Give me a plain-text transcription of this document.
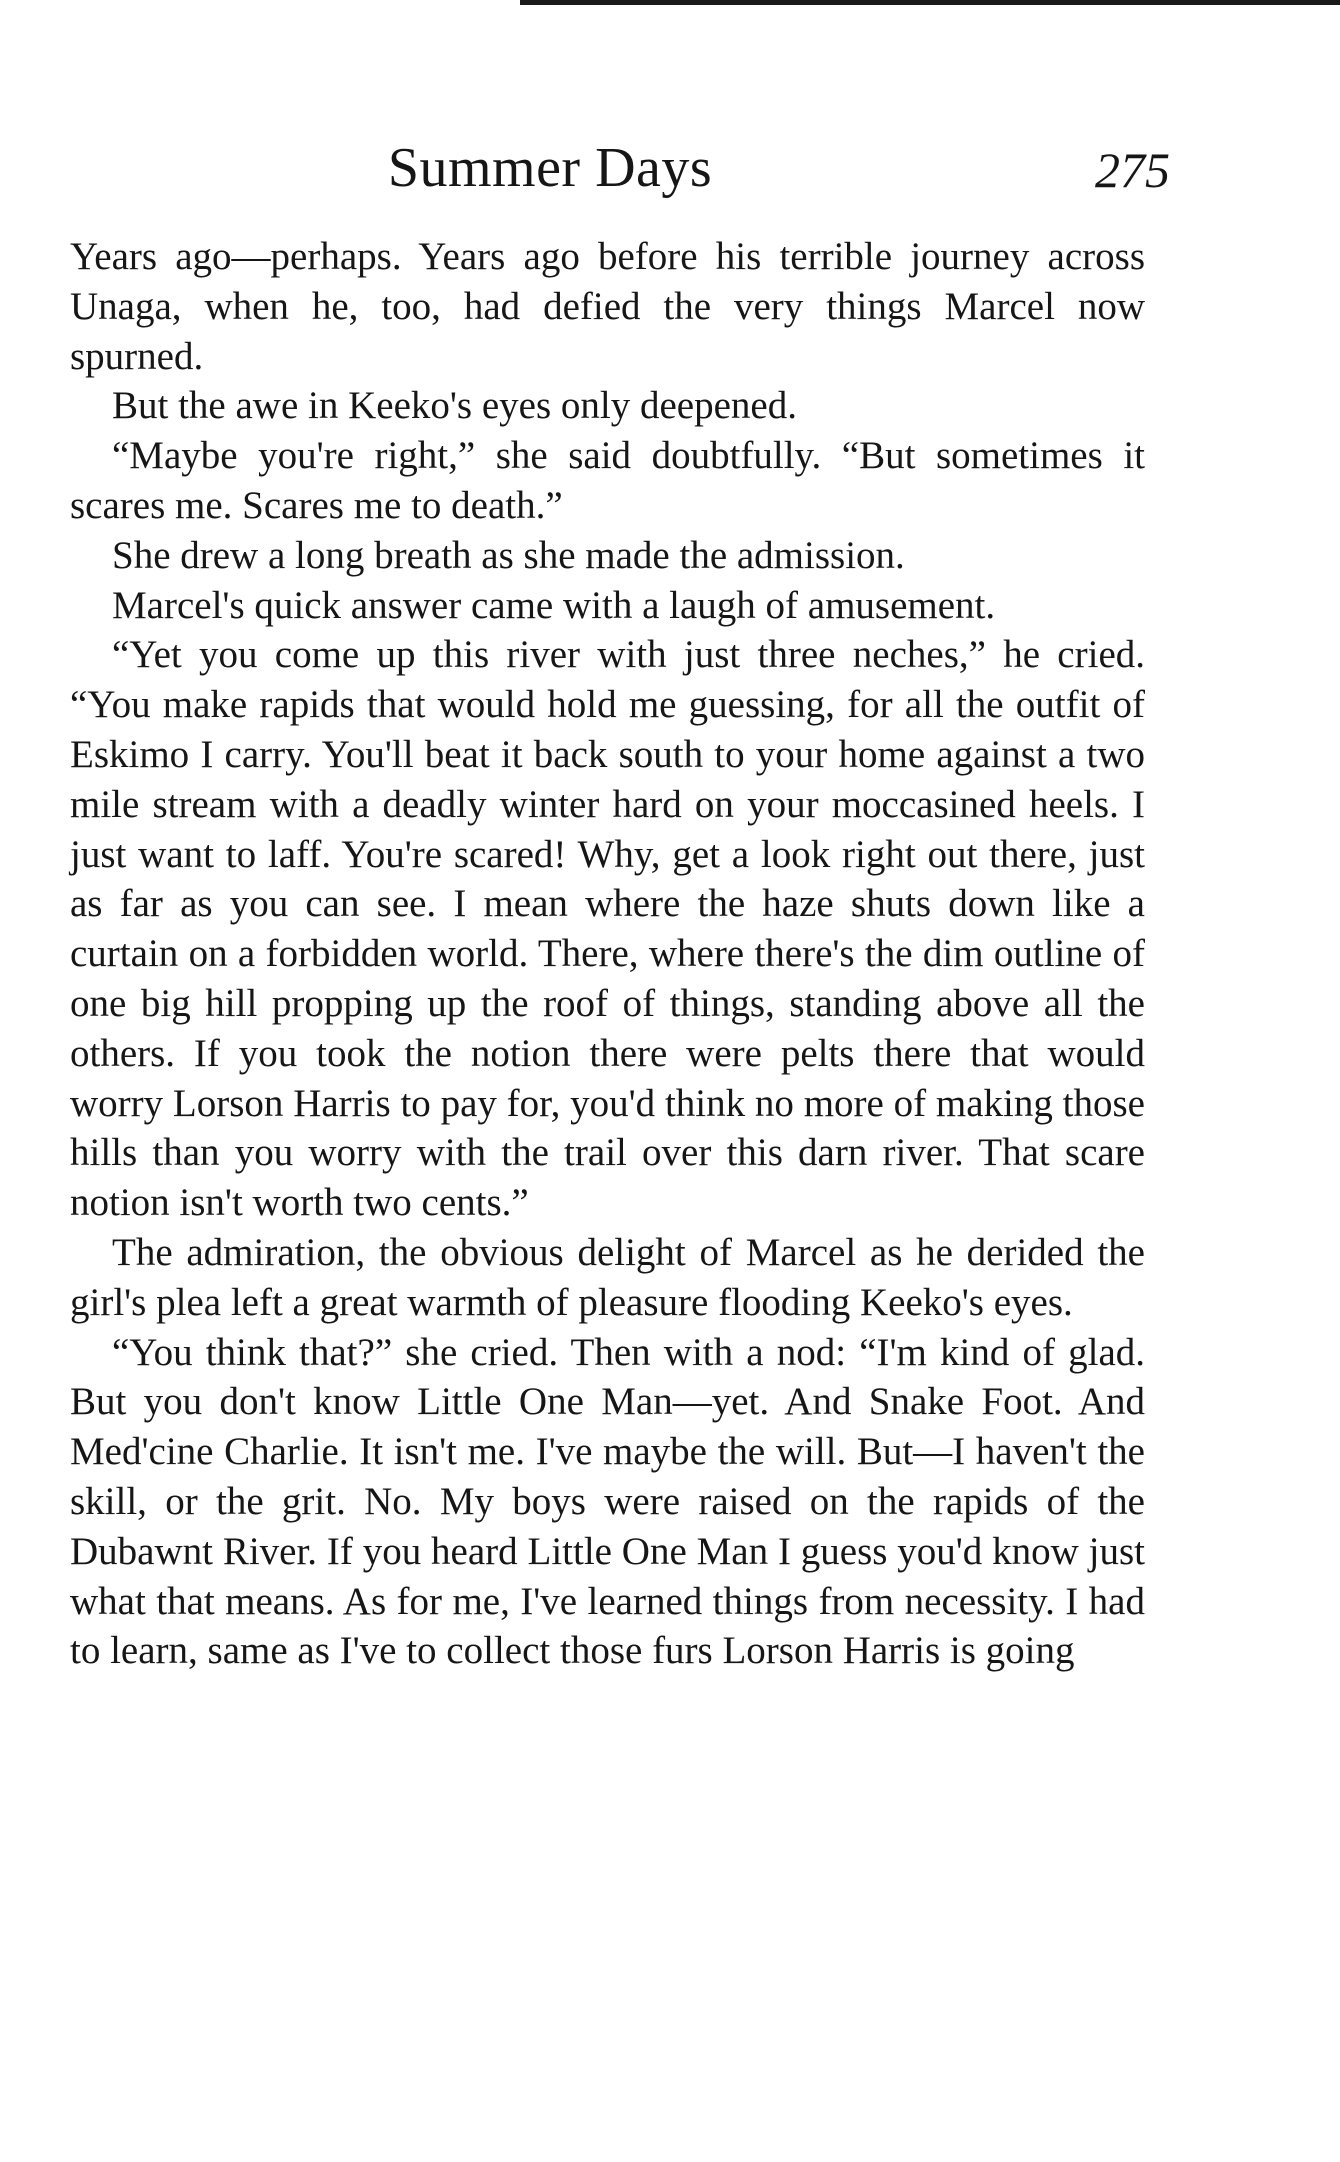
Summer Days	275

Years ago—perhaps. Years ago before his terrible journey across Unaga, when he, too, had defied the very things Marcel now spurned.

But the awe in Keeko's eyes only deepened.

“Maybe you're right,” she said doubtfully. “But sometimes it scares me. Scares me to death.”

She drew a long breath as she made the admission.

Marcel's quick answer came with a laugh of amusement.

“Yet you come up this river with just three neches,” he cried. “You make rapids that would hold me guessing, for all the outfit of Eskimo I carry. You'll beat it back south to your home against a two mile stream with a deadly winter hard on your moccasined heels. I just want to laff. You're scared! Why, get a look right out there, just as far as you can see. I mean where the haze shuts down like a curtain on a forbidden world. There, where there's the dim outline of one big hill propping up the roof of things, standing above all the others. If you took the notion there were pelts there that would worry Lorson Harris to pay for, you'd think no more of making those hills than you worry with the trail over this darn river. That scare notion isn't worth two cents.”

The admiration, the obvious delight of Marcel as he derided the girl's plea left a great warmth of pleasure flooding Keeko's eyes.

“You think that?” she cried. Then with a nod: “I'm kind of glad. But you don't know Little One Man—yet. And Snake Foot. And Med'cine Charlie. It isn't me. I've maybe the will. But—I haven't the skill, or the grit. No. My boys were raised on the rapids of the Dubawnt River. If you heard Little One Man I guess you'd know just what that means. As for me, I've learned things from necessity. I had to learn, same as I've to collect those furs Lorson Harris is going
